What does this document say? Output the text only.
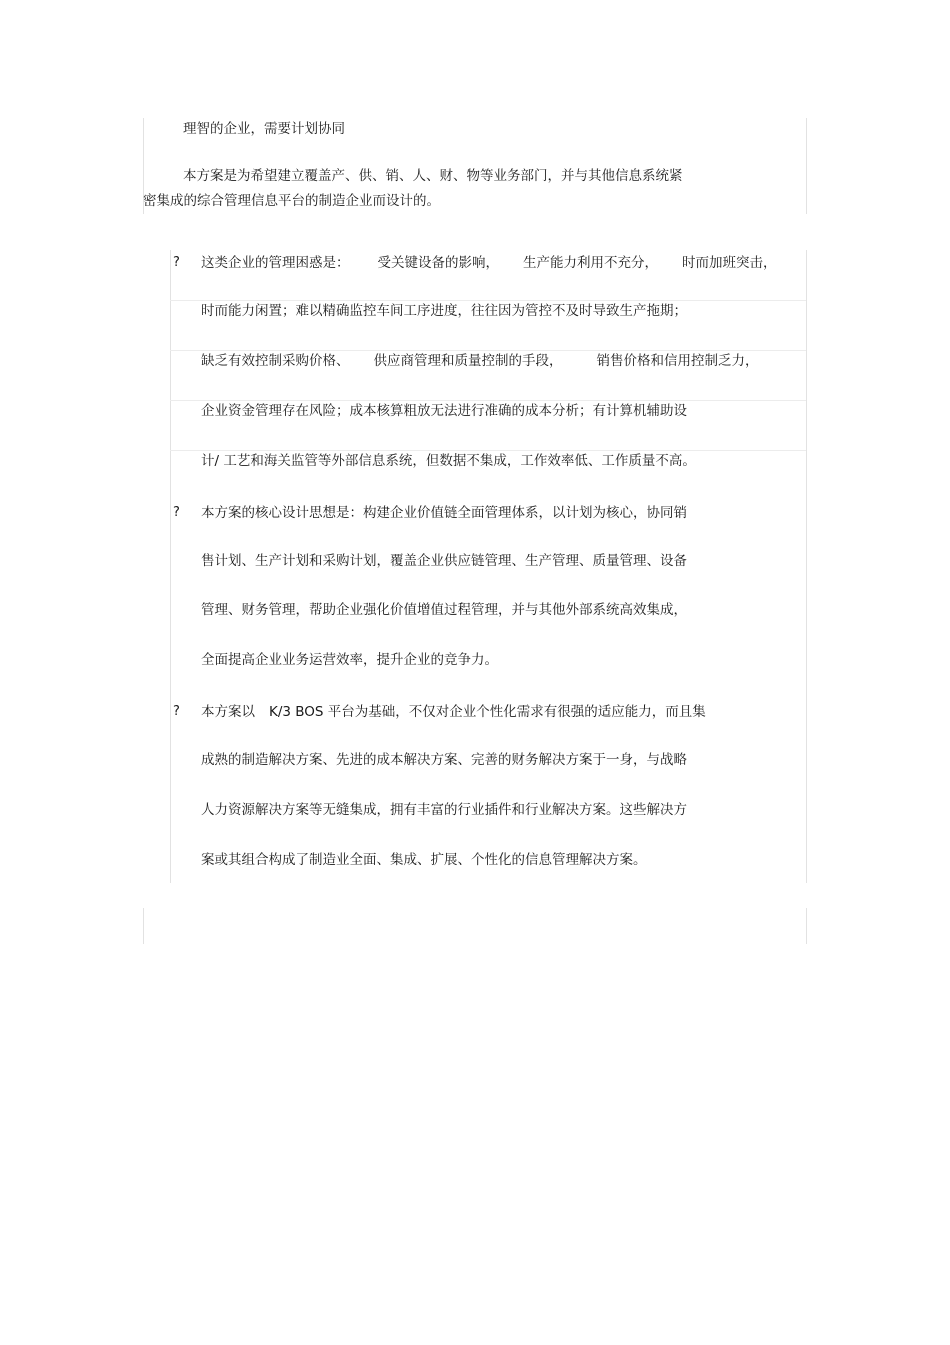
理智的企业，需要计划协同
本方案是为希望建立覆盖产、供、销、人、财、物等业务部门，并与其他信息系统紧
密集成的综合管理信息平台的制造企业而设计的。
? 这类企业的管理困惑是： 受关键设备的影响， 生产能力利用不充分， 时而加班突击，
时而能力闲置；难以精确监控车间工序进度，往往因为管控不及时导致生产拖期；
缺乏有效控制采购价格、 供应商管理和质量控制的手段，	销售价格和信用控制乏力，
企业资金管理存在风险；成本核算粗放无法进行准确的成本分析；有计算机辅助设
计/ 工艺和海关监管等外部信息系统，但数据不集成，工作效率低、工作质量不高。
? 本方案的核心设计思想是：构建企业价值链全面管理体系，以计划为核心，协同销
售计划、生产计划和采购计划，覆盖企业供应链管理、生产管理、质量管理、设备
管理、财务管理，帮助企业强化价值增值过程管理，并与其他外部系统高效集成，
全面提高企业业务运营效率，提升企业的竞争力。
? 本方案以 K/3 BOS 平台为基础，不仅对企业个性化需求有很强的适应能力，而且集
成熟的制造解决方案、先进的成本解决方案、完善的财务解决方案于一身，与战略
人力资源解决方案等无缝集成，拥有丰富的行业插件和行业解决方案。这些解决方
案或其组合构成了制造业全面、集成、扩展、个性化的信息管理解决方案。
